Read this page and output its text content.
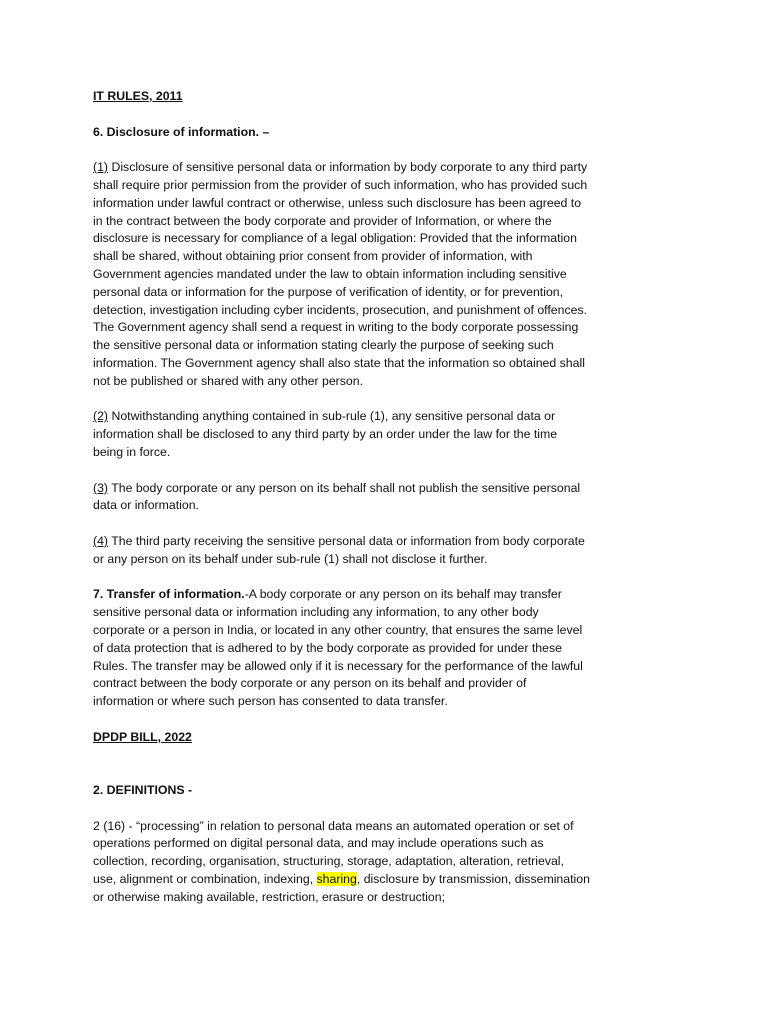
IT RULES, 2011

6. Disclosure of information. –

(1) Disclosure of sensitive personal data or information by body corporate to any third party
shall require prior permission from the provider of such information, who has provided such
information under lawful contract or otherwise, unless such disclosure has been agreed to
in the contract between the body corporate and provider of Information, or where the
disclosure is necessary for compliance of a legal obligation: Provided that the information
shall be shared, without obtaining prior consent from provider of information, with
Government agencies mandated under the law to obtain information including sensitive
personal data or information for the purpose of verification of identity, or for prevention,
detection, investigation including cyber incidents, prosecution, and punishment of offences.
The Government agency shall send a request in writing to the body corporate possessing
the sensitive personal data or information stating clearly the purpose of seeking such
information. The Government agency shall also state that the information so obtained shall
not be published or shared with any other person.

(2) Notwithstanding anything contained in sub-rule (1), any sensitive personal data or
information shall be disclosed to any third party by an order under the law for the time
being in force.

(3) The body corporate or any person on its behalf shall not publish the sensitive personal
data or information.

(4) The third party receiving the sensitive personal data or information from body corporate
or any person on its behalf under sub-rule (1) shall not disclose it further.

7. Transfer of information.-A body corporate or any person on its behalf may transfer
sensitive personal data or information including any information, to any other body
corporate or a person in India, or located in any other country, that ensures the same level
of data protection that is adhered to by the body corporate as provided for under these
Rules. The transfer may be allowed only if it is necessary for the performance of the lawful
contract between the body corporate or any person on its behalf and provider of
information or where such person has consented to data transfer.

DPDP BILL, 2022

2. DEFINITIONS -

2 (16) - “processing” in relation to personal data means an automated operation or set of
operations performed on digital personal data, and may include operations such as
collection, recording, organisation, structuring, storage, adaptation, alteration, retrieval,
use, alignment or combination, indexing, sharing, disclosure by transmission, dissemination
or otherwise making available, restriction, erasure or destruction;
